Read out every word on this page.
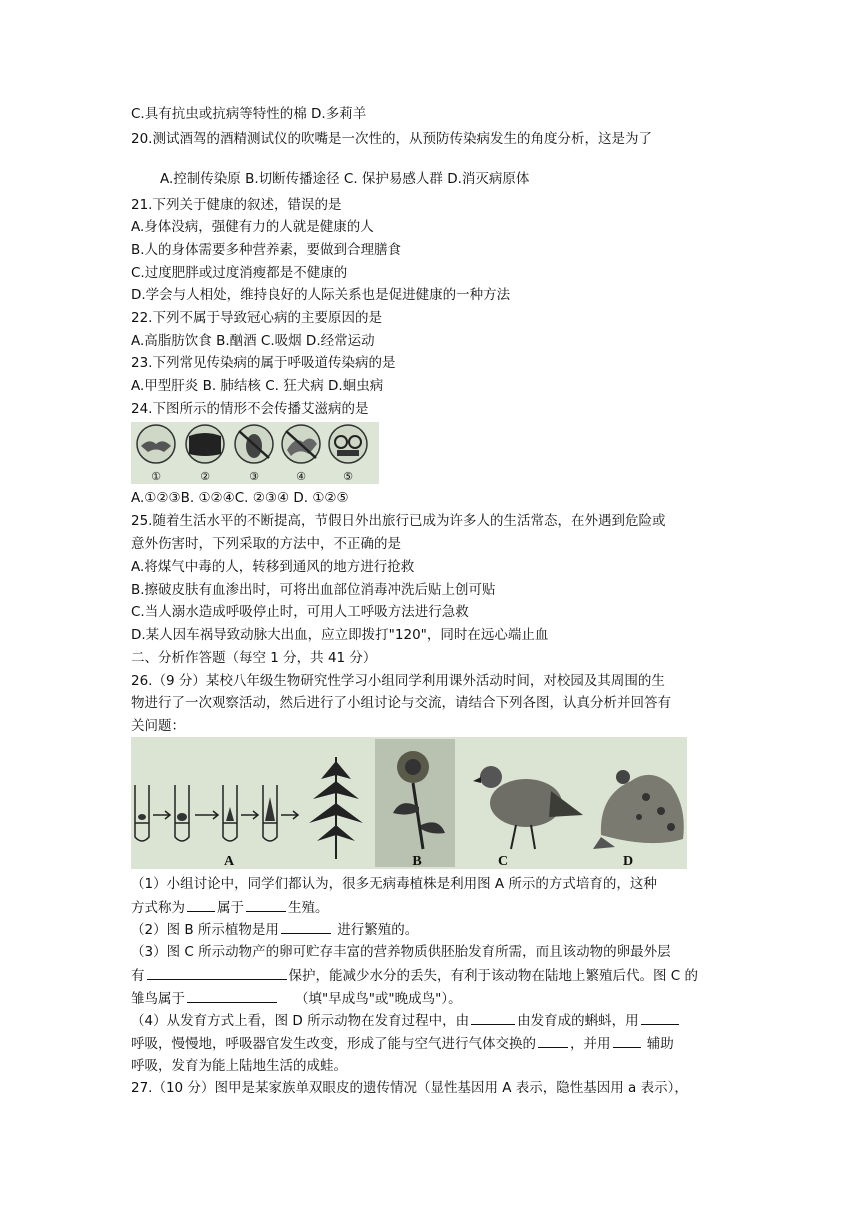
C.具有抗虫或抗病等特性的棉 D.多莉羊
20.测试酒驾的酒精测试仪的吹嘴是一次性的，从预防传染病发生的角度分析，这是为了
A.控制传染原 B.切断传播途径 C. 保护易感人群 D.消灭病原体
21.下列关于健康的叙述，错误的是
A.身体没病，强健有力的人就是健康的人
B.人的身体需要多种营养素，要做到合理膳食
C.过度肥胖或过度消瘦都是不健康的
D.学会与人相处，维持良好的人际关系也是促进健康的一种方法
22.下列不属于导致冠心病的主要原因的是
A.高脂肪饮食 B.酗酒 C.吸烟 D.经常运动
23.下列常见传染病的属于呼吸道传染病的是
A.甲型肝炎 B. 肺结核 C. 狂犬病 D.蛔虫病
24.下图所示的情形不会传播艾滋病的是
①	②	③	④	⑤
A.①②③B. ①②④C. ②③④ D. ①②⑤
25.随着生活水平的不断提高，节假日外出旅行已成为许多人的生活常态，在外遇到危险或
意外伤害时，下列采取的方法中，不正确的是
A.将煤气中毒的人，转移到通风的地方进行抢救
B.擦破皮肤有血渗出时，可将出血部位消毒冲洗后贴上创可贴
C.当人溺水造成呼吸停止时，可用人工呼吸方法进行急救
D.某人因车祸导致动脉大出血，应立即拨打"120"，同时在远心端止血
二、分析作答题（每空 1 分，共 41 分）
26.（9 分）某校八年级生物研究性学习小组同学利用课外活动时间，对校园及其周围的生
物进行了一次观察活动，然后进行了小组讨论与交流，请结合下列各图，认真分析并回答有
关问题：
A	B	C	D
（1）小组讨论中，同学们都认为，很多无病毒植株是利用图 A 所示的方式培育的，这种
方式称为 属于	生殖。
（2）图 B 所示植物是用	进行繁殖的。
（3）图 C 所示动物产的卵可贮存丰富的营养物质供胚胎发育所需，而且该动物的卵最外层
有	保护，能减少水分的丢失，有利于该动物在陆地上繁殖后代。图 C 的
雏鸟属于	（填"早成鸟"或"晚成鸟"）。
（4）从发育方式上看，图 D 所示动物在发育过程中，由	由发育成的蝌蚪，用
呼吸，慢慢地，呼吸器官发生改变，形成了能与空气进行气体交换的	，并用 辅助
呼吸，发育为能上陆地生活的成蛙。
27.（10 分）图甲是某家族单双眼皮的遗传情况（显性基因用 A 表示，隐性基因用 a 表示），
